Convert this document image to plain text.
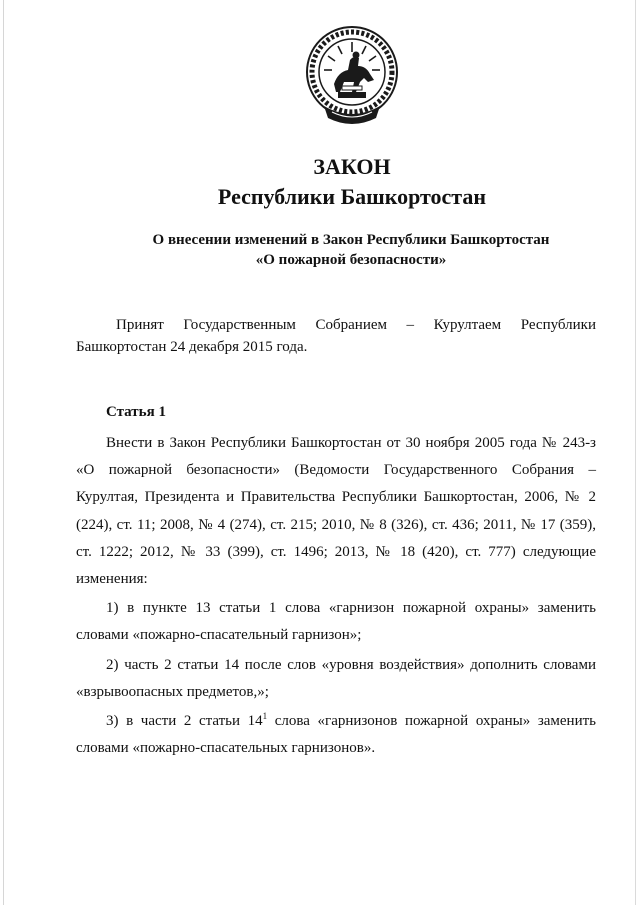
ЗАКОН
Республики Башкортостан
О внесении изменений в Закон Республики Башкортостан
«О пожарной безопасности»
Принят Государственным Собранием – Курултаем Республики Башкортостан 24 декабря 2015 года.
Статья 1

Внести в Закон Республики Башкортостан от 30 ноября 2005 года № 243-з «О пожарной безопасности» (Ведомости Государственного Собрания – Курултая, Президента и Правительства Республики Башкортостан, 2006, № 2 (224), ст. 11; 2008, № 4 (274), ст. 215; 2010, № 8 (326), ст. 436; 2011, № 17 (359), ст. 1222; 2012, № 33 (399), ст. 1496; 2013, № 18 (420), ст. 777) следующие изменения:

1) в пункте 13 статьи 1 слова «гарнизон пожарной охраны» заменить словами «пожарно-спасательный гарнизон»;

2) часть 2 статьи 14 после слов «уровня воздействия» дополнить словами «взрывоопасных предметов,»;

3) в части 2 статьи $14^1$ слова «гарнизонов пожарной охраны» заменить словами «пожарно-спасательных гарнизонов».
